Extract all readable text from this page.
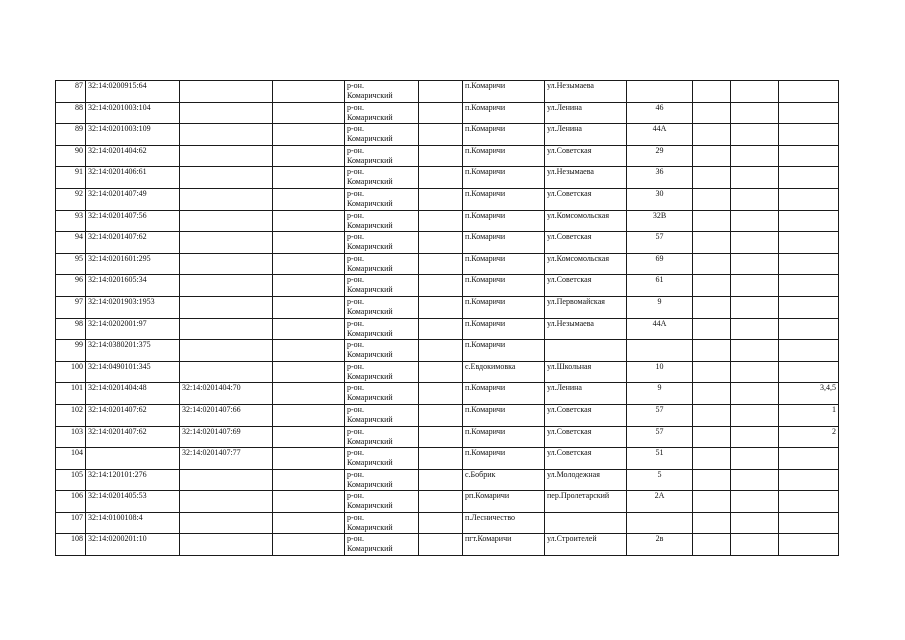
87	32:14:0200915:64			р-он.
Комаричский		п.Комаричи	ул.Незымаева				
88	32:14:0201003:104			р-он.
Комаричский		п.Комаричи	ул.Ленина	46			
89	32:14:0201003:109			р-он.
Комаричский		п.Комаричи	ул.Ленина	44А			
90	32:14:0201404:62			р-он.
Комаричский		п.Комаричи	ул.Советская	29			
91	32:14:0201406:61			р-он.
Комаричский		п.Комаричи	ул.Незымаева	36			
92	32:14:0201407:49			р-он.
Комаричский		п.Комаричи	ул.Советская	30			
93	32:14:0201407:56			р-он.
Комаричский		п.Комаричи	ул.Комсомольская	32В			
94	32:14:0201407:62			р-он.
Комаричский		п.Комаричи	ул.Советская	57			
95	32:14:0201601:295			р-он.
Комаричский		п.Комаричи	ул.Комсомольская	69			
96	32:14:0201605:34			р-он.
Комаричский		п.Комаричи	ул.Советская	61			
97	32:14:0201903:1953			р-он.
Комаричский		п.Комаричи	ул.Первомайская	9			
98	32:14:0202001:97			р-он.
Комаричский		п.Комаричи	ул.Незымаева	44А			
99	32:14:0380201:375			р-он.
Комаричский		п.Комаричи					
100	32:14:0490101:345			р-он.
Комаричский		с.Евдокимовка	ул.Школьная	10			
101	32:14:0201404:48	32:14:0201404:70		р-он.
Комаричский		п.Комаричи	ул.Ленина	9			3,4,5
102	32:14:0201407:62	32:14:0201407:66		р-он.
Комаричский		п.Комаричи	ул.Советская	57			1
103	32:14:0201407:62	32:14:0201407:69		р-он.
Комаричский		п.Комаричи	ул.Советская	57			2
104		32:14:0201407:77		р-он.
Комаричский		п.Комаричи	ул.Советская	51			
105	32:14:120101:276			р-он.
Комаричский		с.Бобрик	ул.Молодежная	5			
106	32:14:0201405:53			р-он.
Комаричский		рп.Комаричи	пер.Пролетарский	2А			
107	32:14:0100108:4			р-он.
Комаричский		п.Лесничество					
108	32:14:0200201:10			р-он.
Комаричский		пгт.Комаричи	ул.Строителей	2в			
